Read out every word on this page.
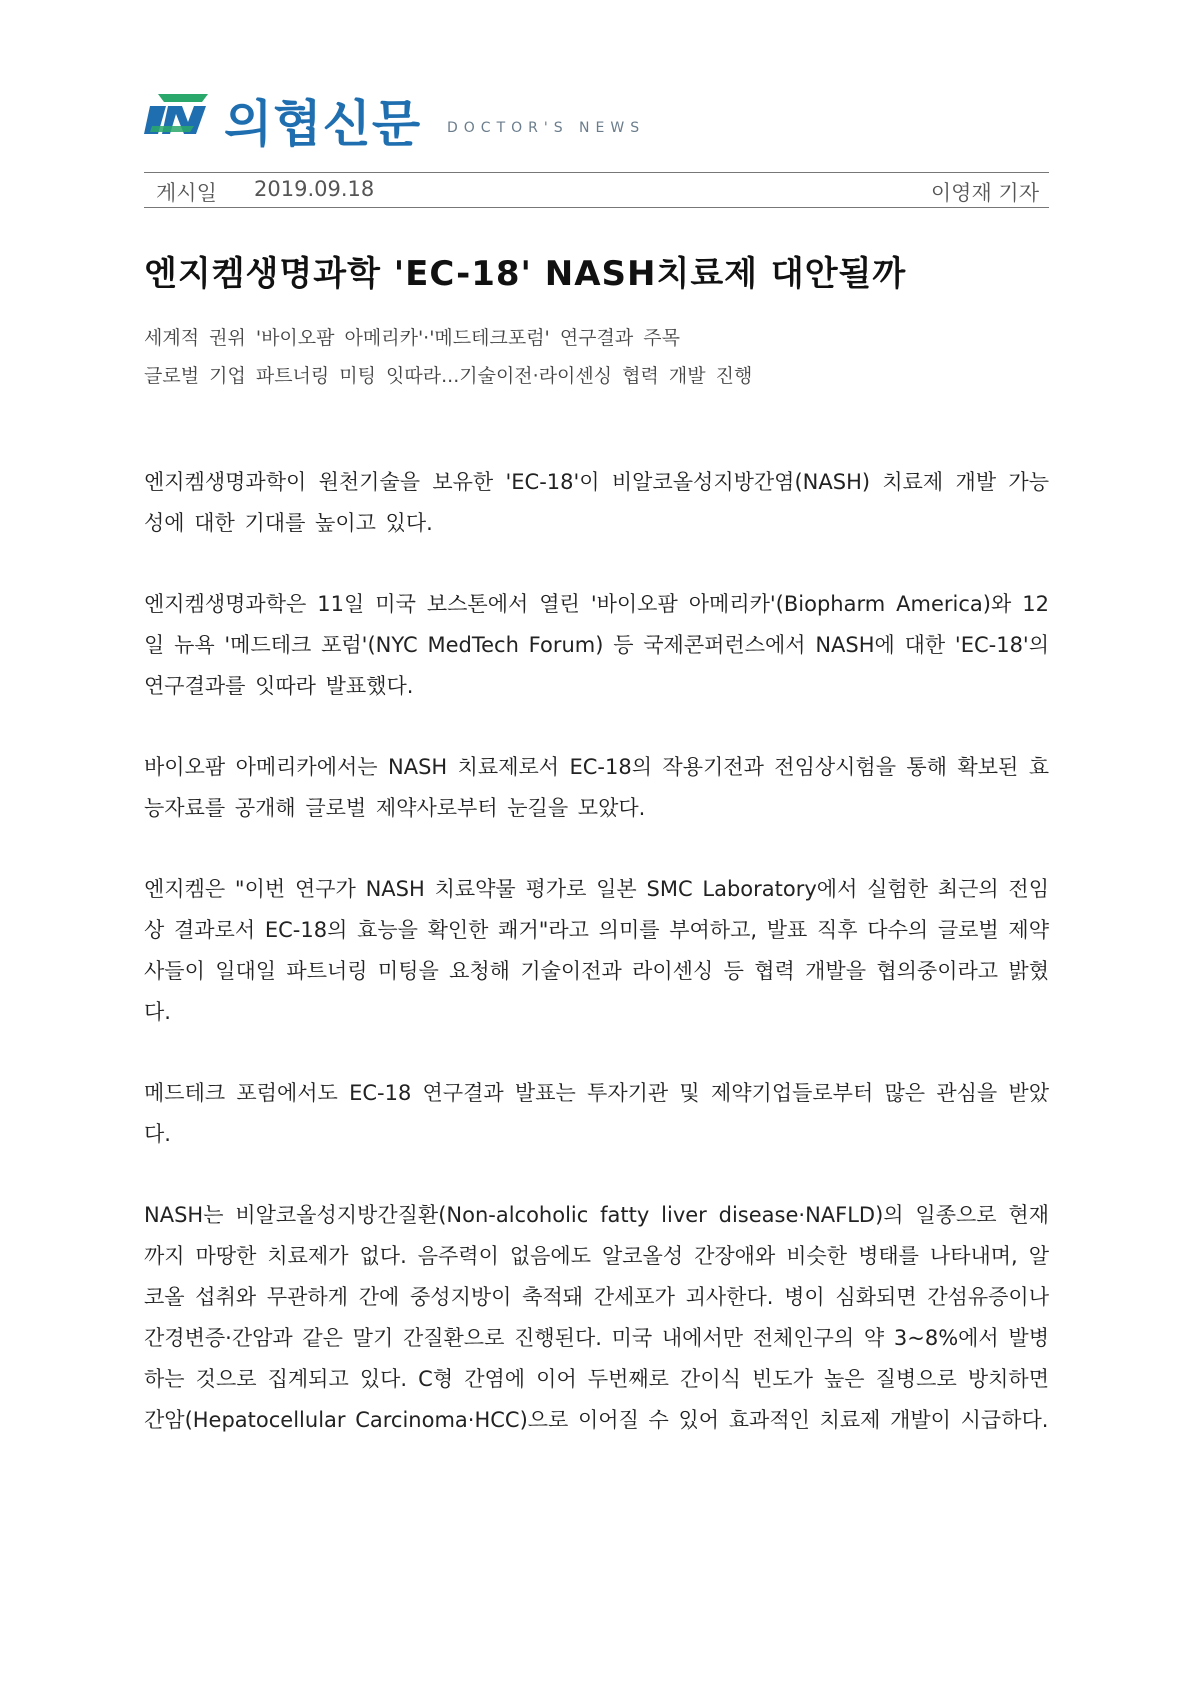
의협신문 DOCTOR'S NEWS
게시일 2019.09.18	이영재 기자
엔지켐생명과학 'EC-18' NASH치료제 대안될까
세계적 권위 '바이오팜 아메리카'·'메드테크포럼' 연구결과 주목
글로벌 기업 파트너링 미팅 잇따라...기술이전·라이센싱 협력 개발 진행

엔지켐생명과학이 원천기술을 보유한 'EC-18'이 비알코올성지방간염(NASH) 치료제 개발 가능성에 대한 기대를 높이고 있다.

엔지켐생명과학은 11일 미국 보스톤에서 열린 '바이오팜 아메리카'(Biopharm America)와 12일 뉴욕 '메드테크 포럼'(NYC MedTech Forum) 등 국제콘퍼런스에서 NASH에 대한 'EC-18'의 연구결과를 잇따라 발표했다.

바이오팜 아메리카에서는 NASH 치료제로서 EC-18의 작용기전과 전임상시험을 통해 확보된 효능자료를 공개해 글로벌 제약사로부터 눈길을 모았다.

엔지켐은 "이번 연구가 NASH 치료약물 평가로 일본 SMC Laboratory에서 실험한 최근의 전임상 결과로서 EC-18의 효능을 확인한 쾌거"라고 의미를 부여하고, 발표 직후 다수의 글로벌 제약사들이 일대일 파트너링 미팅을 요청해 기술이전과 라이센싱 등 협력 개발을 협의중이라고 밝혔다.

메드테크 포럼에서도 EC-18 연구결과 발표는 투자기관 및 제약기업들로부터 많은 관심을 받았다.

NASH는 비알코올성지방간질환(Non-alcoholic fatty liver disease·NAFLD)의 일종으로 현재까지 마땅한 치료제가 없다. 음주력이 없음에도 알코올성 간장애와 비슷한 병태를 나타내며, 알코올 섭취와 무관하게 간에 중성지방이 축적돼 간세포가 괴사한다. 병이 심화되면 간섬유증이나 간경변증·간암과 같은 말기 간질환으로 진행된다. 미국 내에서만 전체인구의 약 3~8%에서 발병하는 것으로 집계되고 있다. C형 간염에 이어 두번째로 간이식 빈도가 높은 질병으로 방치하면 간암(Hepatocellular Carcinoma·HCC)으로 이어질 수 있어 효과적인 치료제 개발이 시급하다.
